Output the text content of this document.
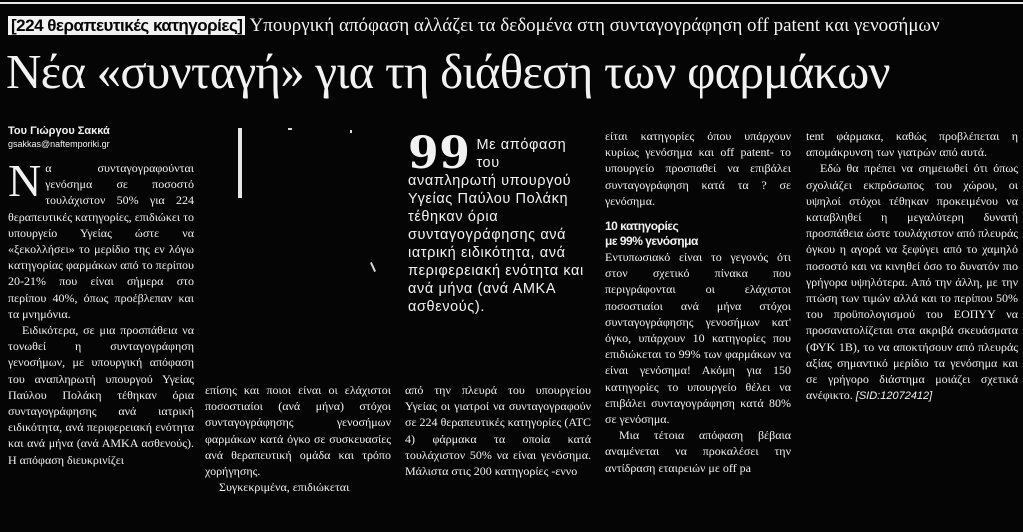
[224 θεραπευτικές κατηγορίες] Υπουργική απόφαση αλλάζει τα δεδομένα στη συνταγογράφηση off patent και γενοσήμων
Νέα «συνταγή» για τη διάθεση των φαρμάκων
Του Γιώργου Σακκά
gsakkas@naftemporiki.gr

Να συνταγογραφούνται γενόσημα σε ποσοστό τουλάχιστον 50% για 224 θεραπευτικές κατηγορίες, επιδιώκει το υπουργείο Υγείας ώστε να «ξεκολλήσει» το μερίδιο της εν λόγω κατηγορίας φαρμάκων από το περίπου 20-21% που είναι σήμερα στο περίπου 40%, όπως προέβλεπαν και τα μνημόνια.

Ειδικότερα, σε μια προσπάθεια να τονωθεί η συνταγογράφηση γενοσήμων, με υπουργική απόφαση του αναπληρωτή υπουργού Υγείας Παύλου Πολάκη τέθηκαν όρια συνταγογράφησης ανά ιατρική ειδικότητα, ανά περιφερειακή ενότητα και ανά μήνα (ανά ΑΜΚΑ ασθενούς). Η απόφαση διευκρινίζει

99 Με απόφαση του αναπληρωτή υπουργού Υγείας Παύλου Πολάκη τέθηκαν όρια συνταγογράφησης ανά ιατρική ειδικότητα, ανά περιφερειακή ενότητα και ανά μήνα (ανά ΑΜΚΑ ασθενούς).

επίσης και ποιοι είναι οι ελάχιστοι ποσοστιαίοι (ανά μήνα) στόχοι συνταγογράφησης γενοσήμων φαρμάκων κατά όγκο σε συσκευασίες ανά θεραπευτική ομάδα και τρόπο χορήγησης.

Συγκεκριμένα, επιδιώκεται

από την πλευρά του υπουργείου Υγείας οι γιατροί να συνταγογραφούν σε 224 θεραπευτικές κατηγορίες (ATC 4) φάρμακα τα οποία κατά τουλάχιστον 50% να είναι γενόσημα. Μάλιστα στις 200 κατηγορίες -εννο

είται κατηγορίες όπου υπάρχουν κυρίως γενόσημα και off patent- το υπουργείο προσπαθεί να επιβάλει συνταγογράφηση κατά τα ? σε γενόσημα.

10 κατηγορίες
με 99% γενόσημα

Εντυπωσιακό είναι το γεγονός ότι στον σχετικό πίνακα που περιγράφονται οι ελάχιστοι ποσοστιαίοι ανά μήνα στόχοι συνταγογράφησης γενοσήμων κατ' όγκο, υπάρχουν 10 κατηγορίες που επιδιώκεται το 99% των φαρμάκων να είναι γενόσημα! Ακόμη για 150 κατηγορίες το υπουργείο θέλει να επιβάλει συνταγογράφηση κατά 80% σε γενόσημα.

Μια τέτοια απόφαση βέβαια αναμένεται να προκαλέσει την αντίδραση εταιρειών με off pa

tent φάρμακα, καθώς προβλέπεται η απομάκρυνση των γιατρών από αυτά.

Εδώ θα πρέπει να σημειωθεί ότι όπως σχολιάζει εκπρόσωπος του χώρου, οι υψηλοί στόχοι τέθηκαν προκειμένου να καταβληθεί η μεγαλύτερη δυνατή προσπάθεια ώστε τουλάχιστον από πλευράς όγκου η αγορά να ξεφύγει από το χαμηλό ποσοστό και να κινηθεί όσο το δυνατόν πιο γρήγορα υψηλότερα. Από την άλλη, με την πτώση των τιμών αλλά και το περίπου 50% του προϋπολογισμού του ΕΟΠΥΥ να προσανατολίζεται στα ακριβά σκευάσματα (ΦΥΚ 1Β), το να αποκτήσουν από πλευράς αξίας σημαντικό μερίδιο τα γενόσημα και σε γρήγορο διάστημα μοιάζει σχετικά ανέφικτο. [SID:12072412]
